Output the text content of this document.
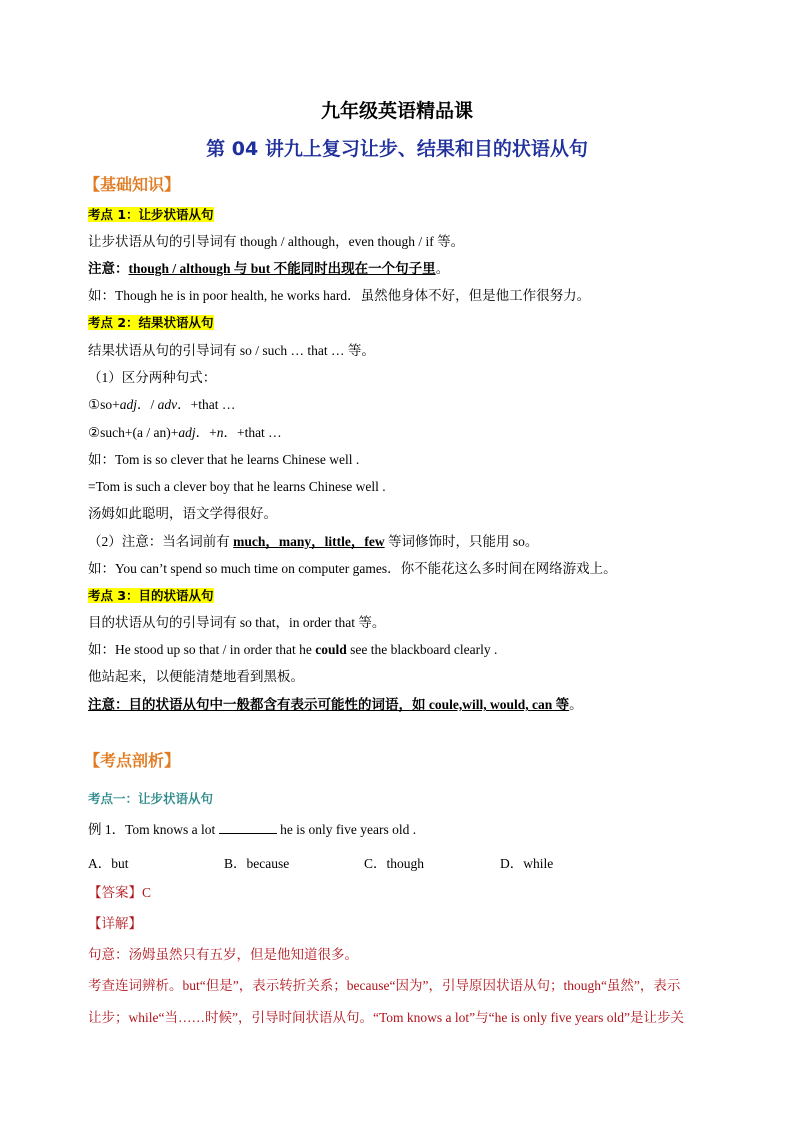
九年级英语精品课
第 04 讲九上复习让步、结果和目的状语从句
【基础知识】
考点 1：让步状语从句
让步状语从句的引导词有 though / although，even though / if 等。
注意：though / although 与 but 不能同时出现在一个句子里。
如：Though he is in poor health, he works hard．虽然他身体不好，但是他工作很努力。
考点 2：结果状语从句
结果状语从句的引导词有 so / such … that … 等。
（1）区分两种句式：
①so+adj．/ adv．+that …
②such+(a / an)+adj．+n．+that …
如：Tom is so clever that he learns Chinese well .
=Tom is such a clever boy that he learns Chinese well .
汤姆如此聪明，语文学得很好。
（2）注意：当名词前有 much，many，little，few 等词修饰时，只能用 so。
如：You can’t spend so much time on computer games．你不能花这么多时间在网络游戏上。
考点 3：目的状语从句
目的状语从句的引导词有 so that，in order that 等。
如：He stood up so that / in order that he could see the blackboard clearly .
他站起来，以便能清楚地看到黑板。
注意：目的状语从句中一般都含有表示可能性的词语，如 coule,will, would, can 等。
【考点剖析】
考点一：让步状语从句
例 1．Tom knows a lot	he is only five years old .
A．but	B．because	C．though	D．while
【答案】C
【详解】
句意：汤姆虽然只有五岁，但是他知道很多。
考查连词辨析。but“但是”，表示转折关系；because“因为”，引导原因状语从句；though“虽然”，表示
让步；while“当……时候”，引导时间状语从句。“Tom knows a lot”与“he is only five years old”是让步关
